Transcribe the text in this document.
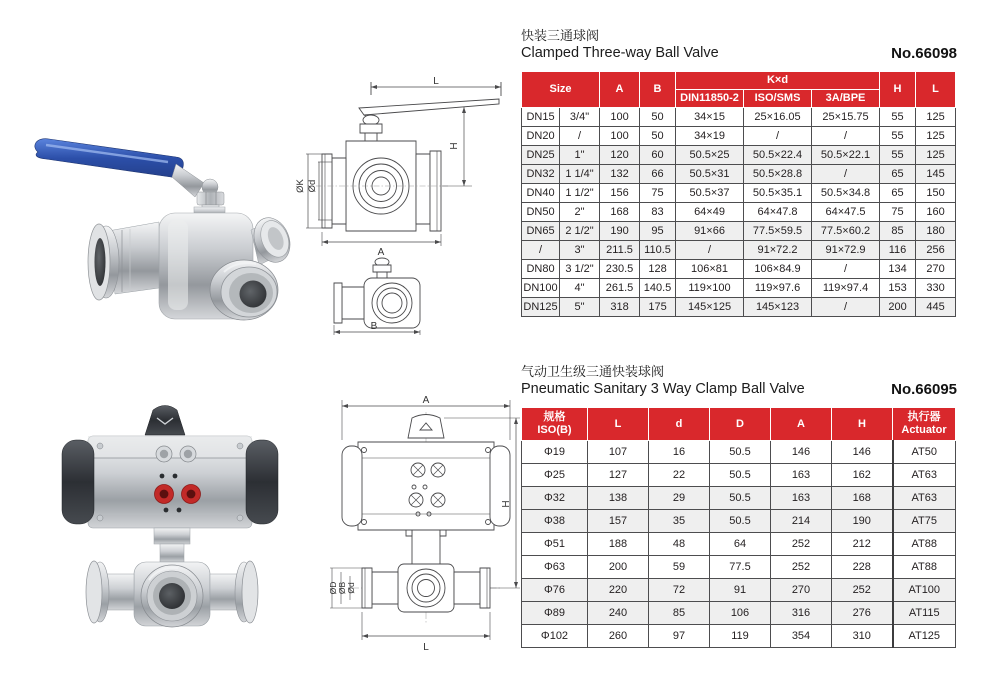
L
H
ØK Ød
A
B

快装三通球阀

Clamped Three-way Ball Valve	No.66098
Size		A	B	K×d			H	L
				DIN11850-2	ISO/SMS	3A/BPE		
DN15	3/4"	100	50	34×15	25×16.05	25×15.75	55	125
DN20	/	100	50	34×19	/	/	55	125
DN25	1"	120	60	50.5×25	50.5×22.4	50.5×22.1	55	125
DN32	1 1/4"	132	66	50.5×31	50.5×28.8	/	65	145
DN40	1 1/2"	156	75	50.5×37	50.5×35.1	50.5×34.8	65	150
DN50	2"	168	83	64×49	64×47.8	64×47.5	75	160
DN65	2 1/2"	190	95	91×66	77.5×59.5	77.5×60.2	85	180
/	3"	211.5	110.5	/	91×72.2	91×72.9	116	256
DN80	3 1/2"	230.5	128	106×81	106×84.9	/	134	270
DN100	4"	261.5	140.5	119×100	119×97.6	119×97.4	153	330
DN125	5"	318	175	145×125	145×123	/	200	445
A
H
ØD ØB Ød
L

气动卫生级三通快装球阀

Pneumatic Sanitary 3 Way Clamp Ball Valve	No.66095
规格
ISO(B)	L	d	D	A	H	执行器
Actuator

Φ19	107	16	50.5	146	146	AT50
Φ25	127	22	50.5	163	162	AT63
Φ32	138	29	50.5	163	168	AT63
Φ38	157	35	50.5	214	190	AT75
Φ51	188	48	64	252	212	AT88
Φ63	200	59	77.5	252	228	AT88
Φ76	220	72	91	270	252	AT100
Φ89	240	85	106	316	276	AT115
Φ102	260	97	119	354	310	AT125
